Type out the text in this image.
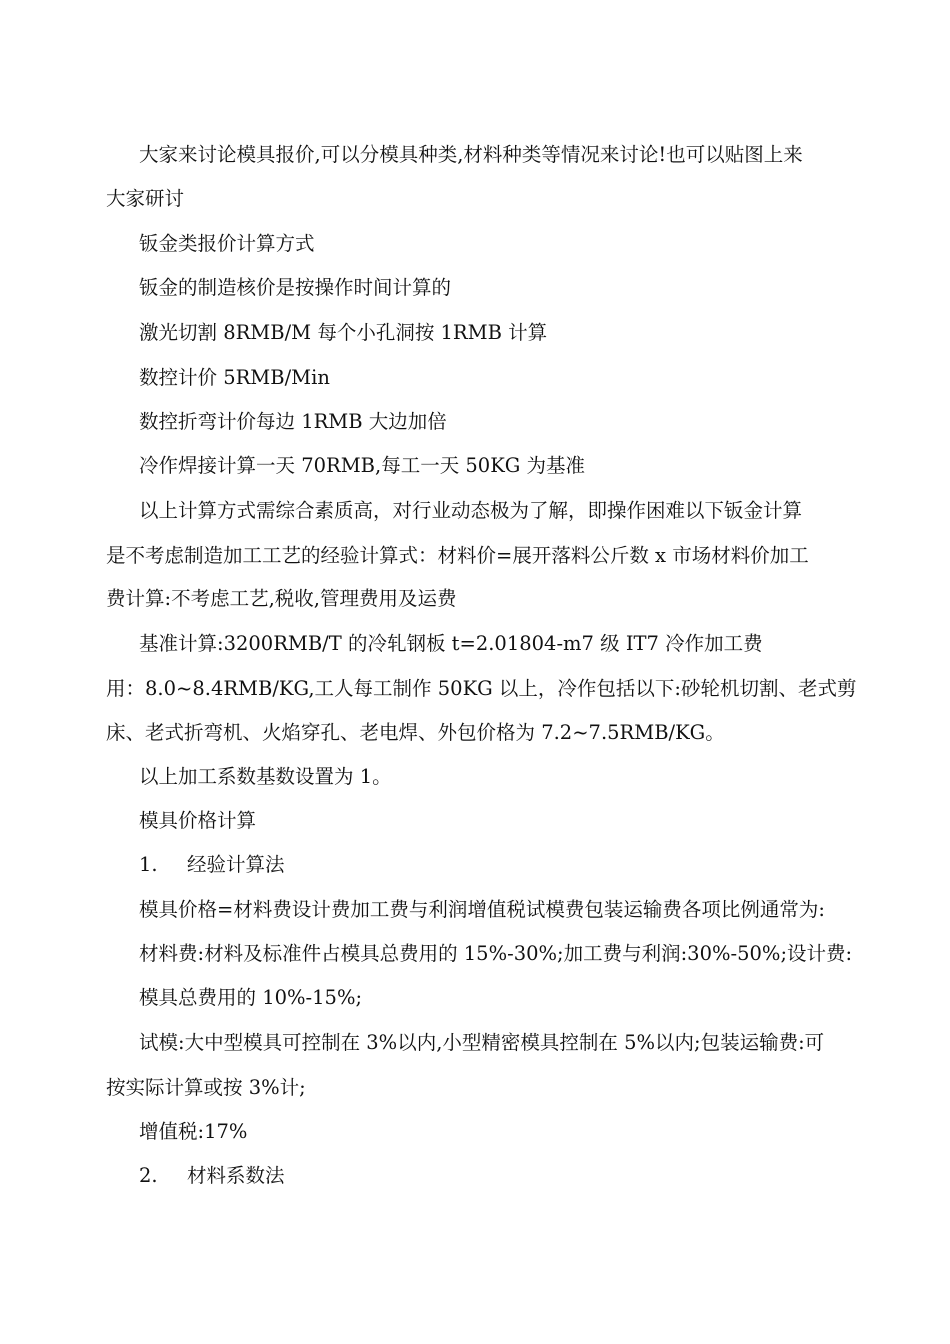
大家来讨论模具报价,可以分模具种类,材料种类等情况来讨论!也可以贴图上来
大家研讨
钣金类报价计算方式
钣金的制造核价是按操作时间计算的
激光切割 8RMB/M 每个小孔洞按 1RMB 计算
数控计价 5RMB/Min
数控折弯计价每边 1RMB 大边加倍
冷作焊接计算一天 70RMB,每工一天 50KG 为基准
以上计算方式需综合素质高，对行业动态极为了解，即操作困难以下钣金计算
是不考虑制造加工工艺的经验计算式：材料价=展开落料公斤数 x 市场材料价加工
费计算:不考虑工艺,税收,管理费用及运费
基准计算:3200RMB/T 的冷轧钢板 t=2.01804-m7 级 IT7 冷作加工费
用：8.0~8.4RMB/KG,工人每工制作 50KG 以上，冷作包括以下:砂轮机切割、老式剪
床、老式折弯机、火焰穿孔、老电焊、外包价格为 7.2~7.5RMB/KG。
以上加工系数基数设置为 1。
模具价格计算
1. 经验计算法
模具价格=材料费设计费加工费与利润增值税试模费包装运输费各项比例通常为:
材料费:材料及标准件占模具总费用的 15%-30%;加工费与利润:30%-50%;设计费:
模具总费用的 10%-15%;
试模:大中型模具可控制在 3%以内,小型精密模具控制在 5%以内;包装运输费:可
按实际计算或按 3%计;
增值税:17%
2. 材料系数法
